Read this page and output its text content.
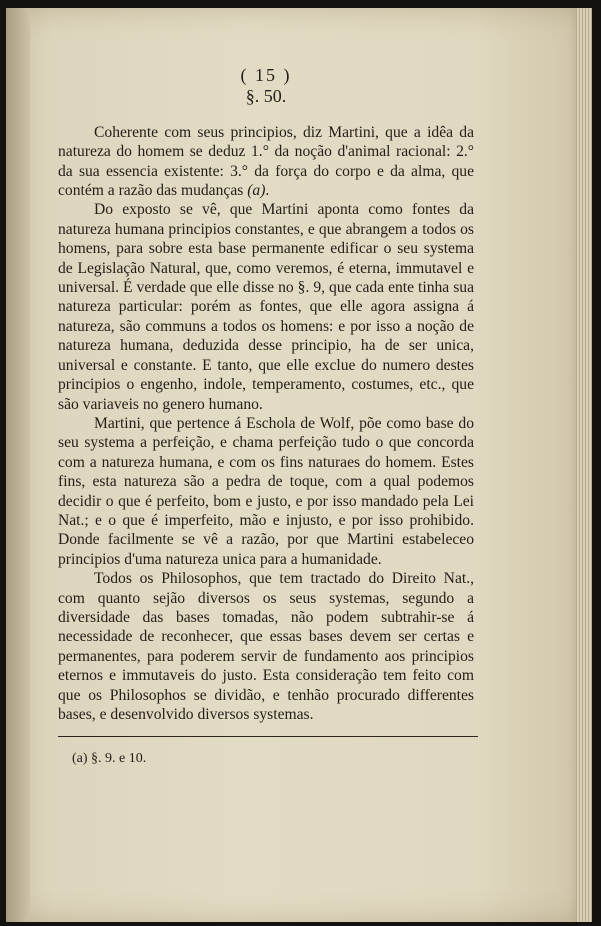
( 15 )
§. 50.

Coherente com seus principios, diz Martini, que a idêa da natureza do homem se deduz 1.° da noção d'animal racional: 2.° da sua essencia existente: 3.° da força do corpo e da alma, que contém a razão das mudanças (a).

Do exposto se vê, que Martini aponta como fontes da natureza humana principios constantes, e que abrangem a todos os homens, para sobre esta base permanente edificar o seu systema de Legislação Natural, que, como veremos, é eterna, immutavel e universal. É verdade que elle disse no §. 9, que cada ente tinha sua natureza particular: porém as fontes, que elle agora assigna á natureza, são communs a todos os homens: e por isso a noção de natureza humana, deduzida desse principio, ha de ser unica, universal e constante. E tanto, que elle exclue do numero destes principios o engenho, indole, temperamento, costumes, etc., que são variaveis no genero humano.

Martini, que pertence á Eschola de Wolf, põe como base do seu systema a perfeição, e chama perfeição tudo o que concorda com a natureza humana, e com os fins naturaes do homem. Estes fins, esta natureza são a pedra de toque, com a qual podemos decidir o que é perfeito, bom e justo, e por isso mandado pela Lei Nat.; e o que é imperfeito, mão e injusto, e por isso prohibido. Donde facilmente se vê a razão, por que Martini estabeleceo principios d'uma natureza unica para a humanidade.

Todos os Philosophos, que tem tractado do Direito Nat., com quanto sejão diversos os seus systemas, segundo a diversidade das bases tomadas, não podem subtrahir-se á necessidade de reconhecer, que essas bases devem ser certas e permanentes, para poderem servir de fundamento aos principios eternos e immutaveis do justo. Esta consideração tem feito com que os Philosophos se dividão, e tenhão procurado differentes bases, e desenvolvido diversos systemas.

(a) §. 9. e 10.
